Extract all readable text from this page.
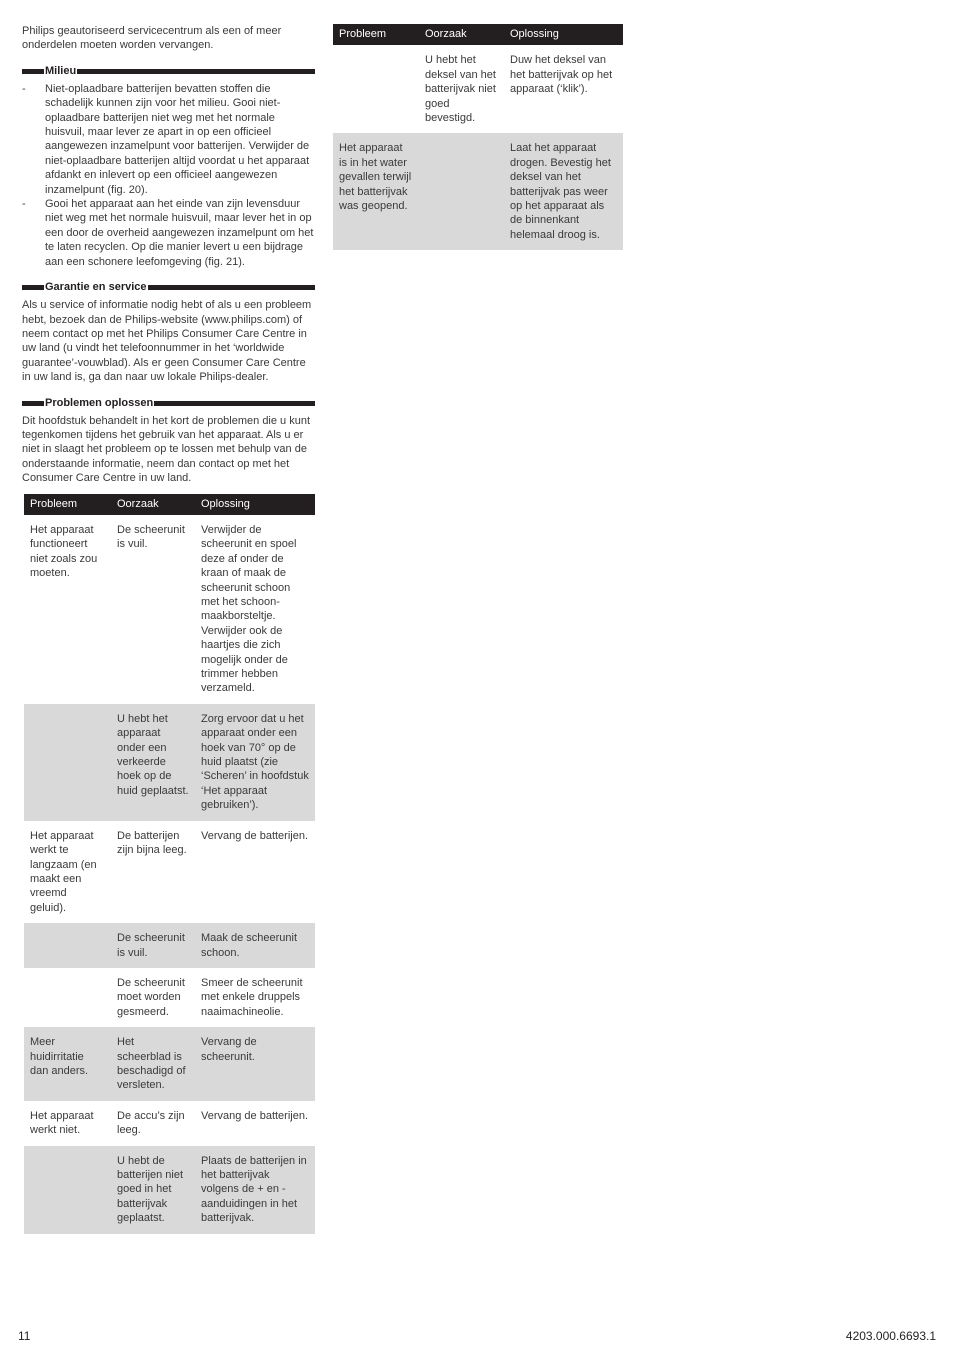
Philips geautoriseerd servicecentrum als een of meer onderdelen moeten worden vervangen.

Milieu
- Niet-oplaadbare batterijen bevatten stoffen die schadelijk kunnen zijn voor het milieu. Gooi niet-oplaadbare batterijen niet weg met het normale huisvuil, maar lever ze apart in op een officieel aangewezen inzamelpunt voor batterijen. Verwijder de niet-oplaadbare batterijen altijd voordat u het apparaat afdankt en inlevert op een officieel aangewezen inzamelpunt (fig. 20).
- Gooi het apparaat aan het einde van zijn levensduur niet weg met het normale huisvuil, maar lever het in op een door de overheid aangewezen inzamelpunt om het te laten recyclen. Op die manier levert u een bijdrage aan een schonere leefomgeving (fig. 21).
Garantie en service

Als u service of informatie nodig hebt of als u een probleem hebt, bezoek dan de Philips-website (www.philips.com) of neem contact op met het Philips Consumer Care Centre in uw land (u vindt het telefoonnummer in het ‘worldwide guarantee’-vouwblad). Als er geen Consumer Care Centre in uw land is, ga dan naar uw lokale Philips-dealer.

Problemen oplossen

Dit hoofdstuk behandelt in het kort de problemen die u kunt tegenkomen tijdens het gebruik van het apparaat. Als u er niet in slaagt het probleem op te lossen met behulp van de onderstaande informatie, neem dan contact op met het Consumer Care Centre in uw land.

Probleem	Oorzaak	Oplossing
Het apparaat functioneert niet zoals zou moeten.	De scheerunit is vuil.	Verwijder de scheerunit en spoel deze af onder de kraan of maak de scheerunit schoon met het schoon-maakborsteltje. Verwijder ook de haartjes die zich mogelijk onder de trimmer hebben verzameld.
	U hebt het apparaat onder een verkeerde hoek op de huid geplaatst.	Zorg ervoor dat u het apparaat onder een hoek van 70° op de huid plaatst (zie ‘Scheren’ in hoofdstuk ‘Het apparaat gebruiken’).
Het apparaat werkt te langzaam (en maakt een vreemd geluid).	De batterijen zijn bijna leeg.	Vervang de batterijen.
	De scheerunit is vuil.	Maak de scheerunit schoon.
	De scheerunit moet worden gesmeerd.	Smeer de scheerunit met enkele druppels naaimachineolie.
Meer huidirritatie dan anders.	Het scheerblad is beschadigd of versleten.	Vervang de scheerunit.
Het apparaat werkt niet.	De accu’s zijn leeg.	Vervang de batterijen.
	U hebt de batterijen niet goed in het batterijvak geplaatst.	Plaats de batterijen in het batterijvak volgens de + en - aanduidingen in het batterijvak.
Probleem	Oorzaak	Oplossing
	U hebt het deksel van het batterijvak niet goed bevestigd.	Duw het deksel van het batterijvak op het apparaat (‘klik’).
Het apparaat is in het water gevallen terwijl het batterijvak was geopend.		Laat het apparaat drogen. Bevestig het deksel van het batterijvak pas weer op het apparaat als de binnenkant helemaal droog is.
11	4203.000.6693.1
